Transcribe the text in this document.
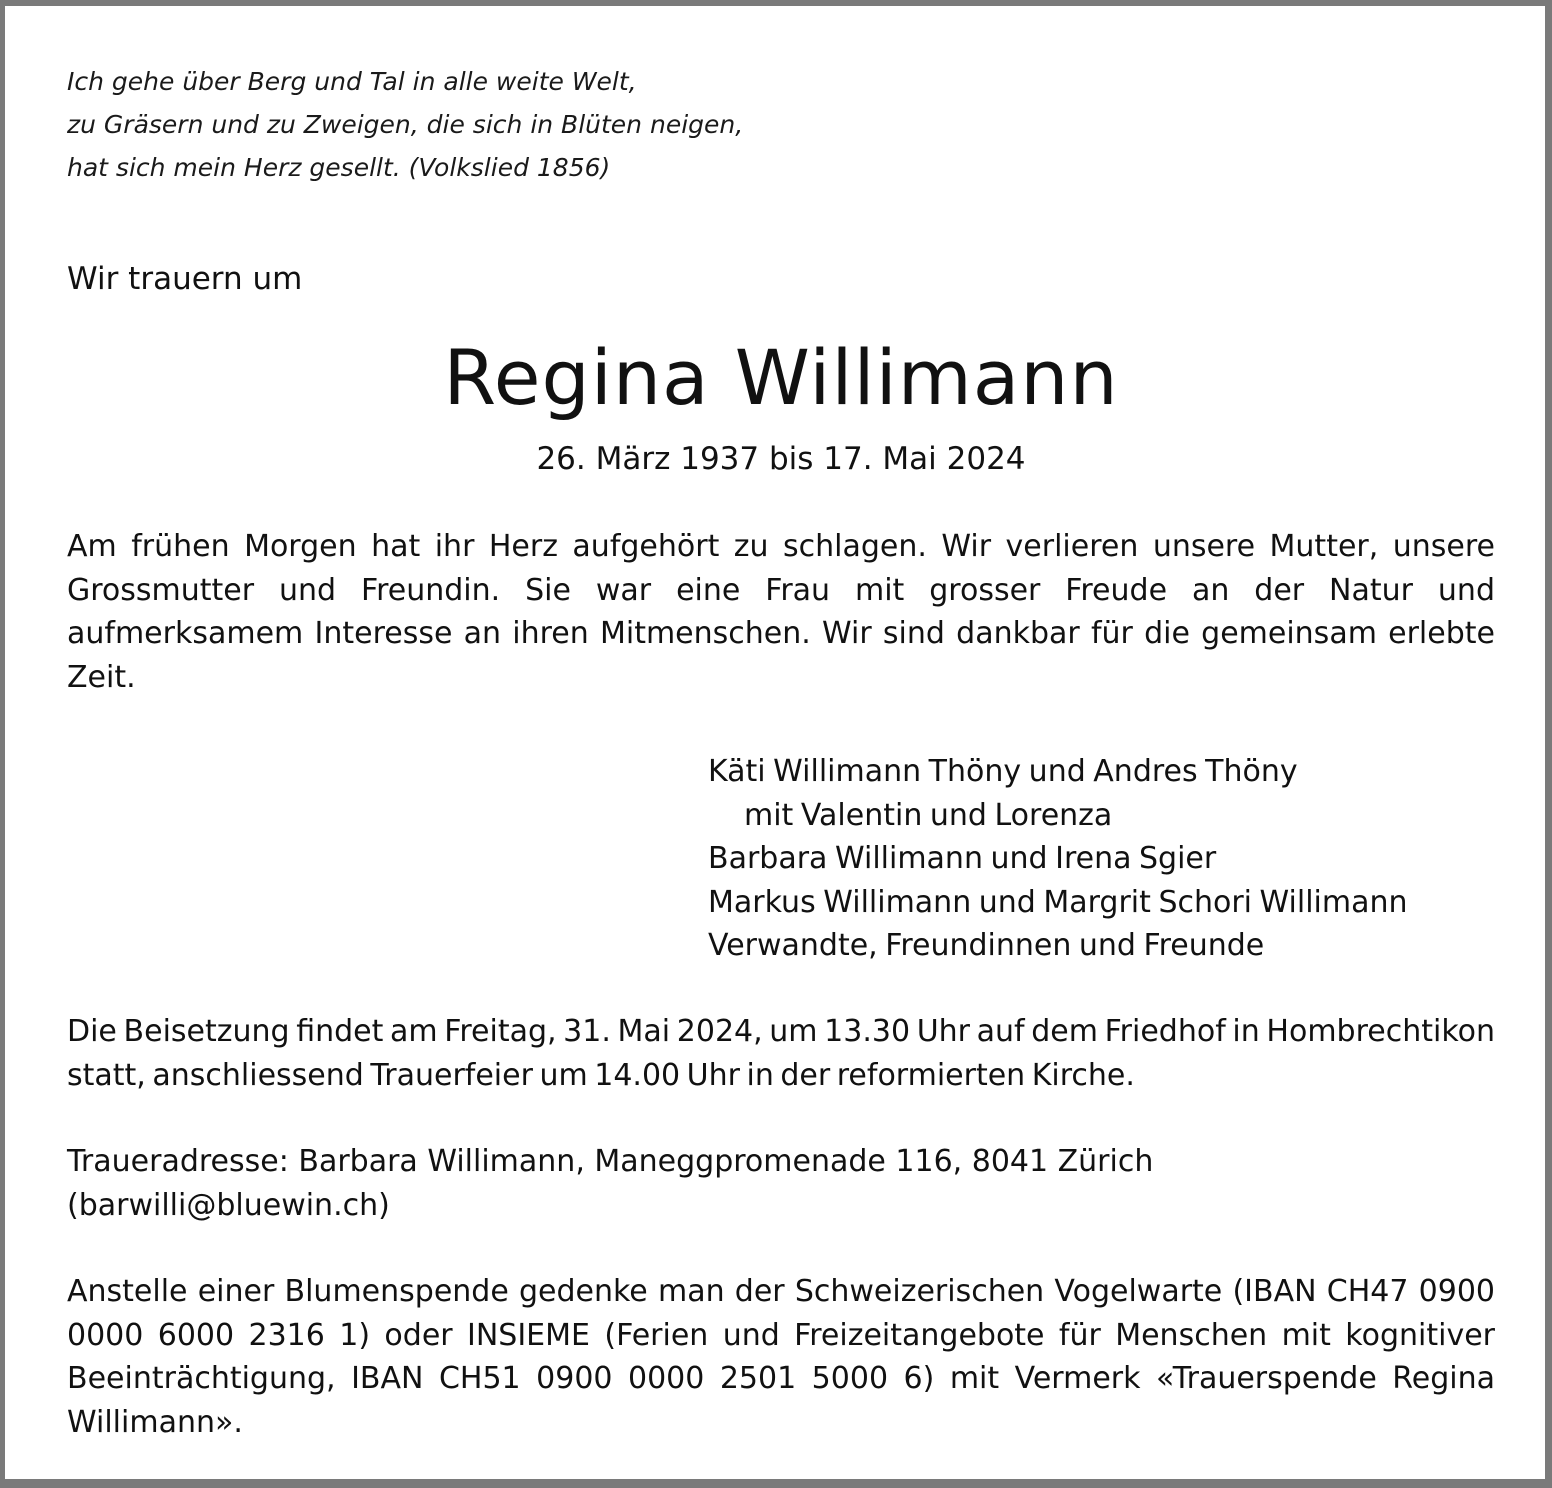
Ich gehe über Berg und Tal in alle weite Welt,
zu Gräsern und zu Zweigen, die sich in Blüten neigen,
hat sich mein Herz gesellt. (Volkslied 1856)
Wir trauern um
Regina Willimann
26. März 1937 bis 17. Mai 2024
Am frühen Morgen hat ihr Herz aufgehört zu schlagen. Wir verlieren unsere Mutter, unsere Grossmutter und Freundin. Sie war eine Frau mit grosser Freude an der Natur und aufmerksamem Interesse an ihren Mitmenschen. Wir sind dankbar für die gemeinsam erlebte Zeit.
Käti Willimann Thöny und Andres Thöny
mit Valentin und Lorenza
Barbara Willimann und Irena Sgier
Markus Willimann und Margrit Schori Willimann
Verwandte, Freundinnen und Freunde
Die Beisetzung findet am Freitag, 31. Mai 2024, um 13.30 Uhr auf dem Friedhof in Hombrechtikon statt, anschliessend Trauerfeier um 14.00 Uhr in der reformierten Kirche.
Traueradresse: Barbara Willimann, Maneggpromenade 116, 8041 Zürich
(barwilli@bluewin.ch)
Anstelle einer Blumenspende gedenke man der Schweizerischen Vogelwarte (IBAN CH47 0900 0000 6000 2316 1) oder INSIEME (Ferien und Freizeitangebote für Menschen mit kognitiver Beeinträchtigung, IBAN CH51 0900 0000 2501 5000 6) mit Vermerk «Trauerspende Regina Willimann».
